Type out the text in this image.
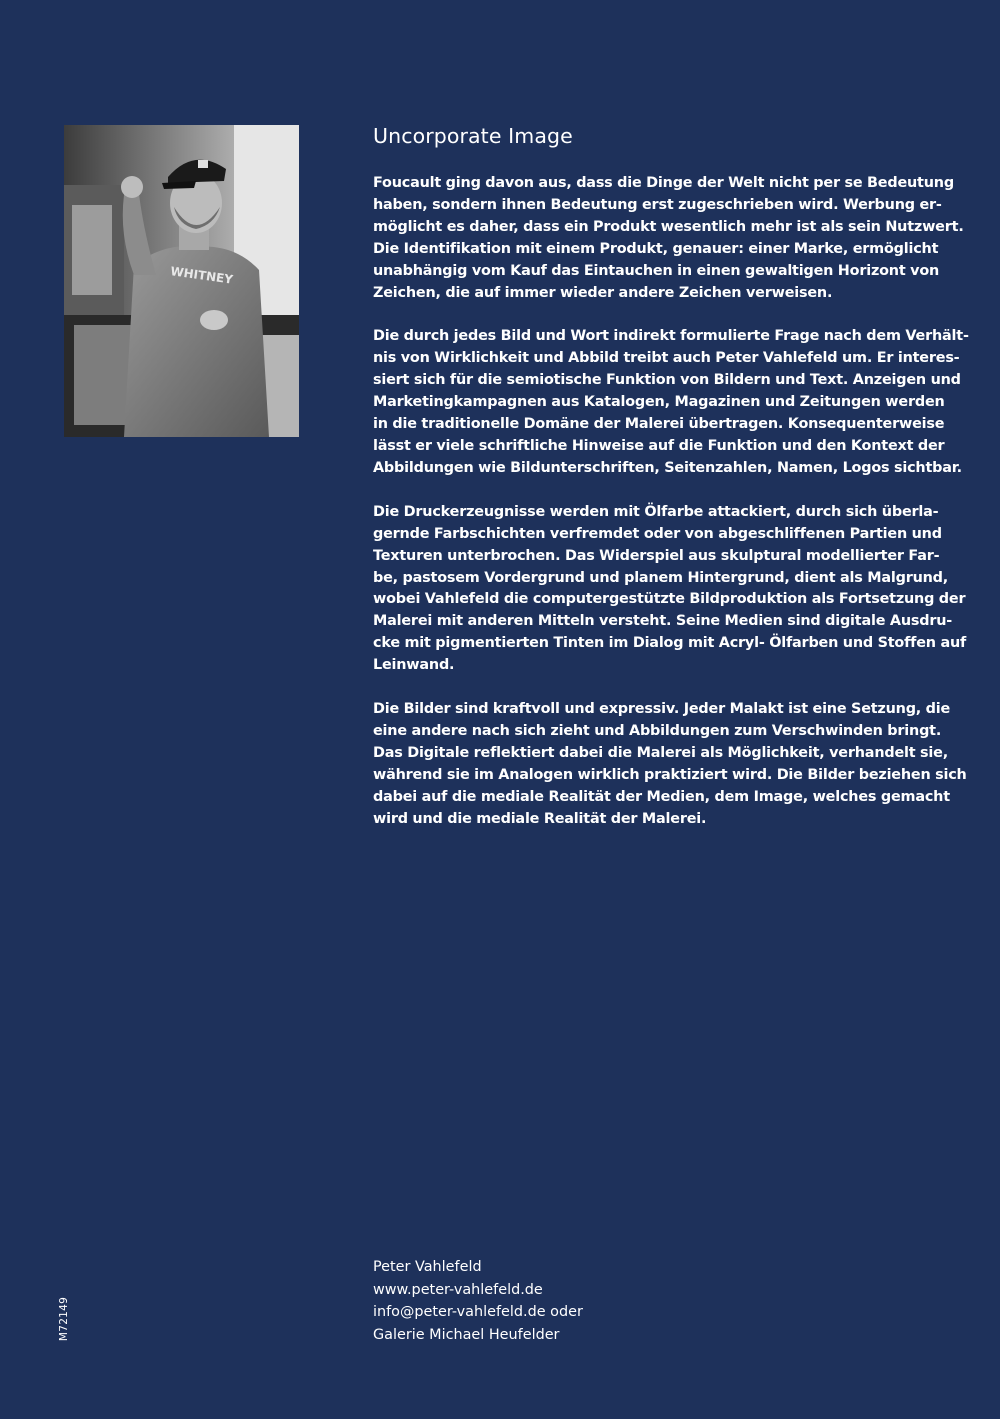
WHITNEY
Uncorporate Image
Foucault ging davon aus, dass die Dinge der Welt nicht per se Bedeutung
haben, sondern ihnen Bedeutung erst zugeschrieben wird. Werbung er-
möglicht es daher, dass ein Produkt wesentlich mehr ist als sein Nutzwert.
Die Identifikation mit einem Produkt, genauer: einer Marke, ermöglicht
unabhängig vom Kauf das Eintauchen in einen gewaltigen Horizont von
Zeichen, die auf immer wieder andere Zeichen verweisen.
Die durch jedes Bild und Wort indirekt formulierte Frage nach dem Verhält-
nis von Wirklichkeit und Abbild treibt auch Peter Vahlefeld um. Er interes-
siert sich für die semiotische Funktion von Bildern und Text. Anzeigen und
Marketingkampagnen aus Katalogen, Magazinen und Zeitungen werden
in die traditionelle Domäne der Malerei übertragen. Konsequenterweise
lässt er viele schriftliche Hinweise auf die Funktion und den Kontext der
Abbildungen wie Bildunterschriften, Seitenzahlen, Namen, Logos sichtbar.
Die Druckerzeugnisse werden mit Ölfarbe attackiert, durch sich überla-
gernde Farbschichten verfremdet oder von abgeschliffenen Partien und
Texturen unterbrochen. Das Widerspiel aus skulptural modellierter Far-
be, pastosem Vordergrund und planem Hintergrund, dient als Malgrund,
wobei Vahlefeld die computergestützte Bildproduktion als Fortsetzung der
Malerei mit anderen Mitteln versteht. Seine Medien sind digitale Ausdru-
cke mit pigmentierten Tinten im Dialog mit Acryl- Ölfarben und Stoffen auf
Leinwand.
Die Bilder sind kraftvoll und expressiv. Jeder Malakt ist eine Setzung, die
eine andere nach sich zieht und Abbildungen zum Verschwinden bringt.
Das Digitale reflektiert dabei die Malerei als Möglichkeit, verhandelt sie,
während sie im Analogen wirklich praktiziert wird. Die Bilder beziehen sich
dabei auf die mediale Realität der Medien, dem Image, welches gemacht
wird und die mediale Realität der Malerei.
Peter Vahlefeld
www.peter-vahlefeld.de
info@peter-vahlefeld.de oder
Galerie Michael Heufelder
M72149
